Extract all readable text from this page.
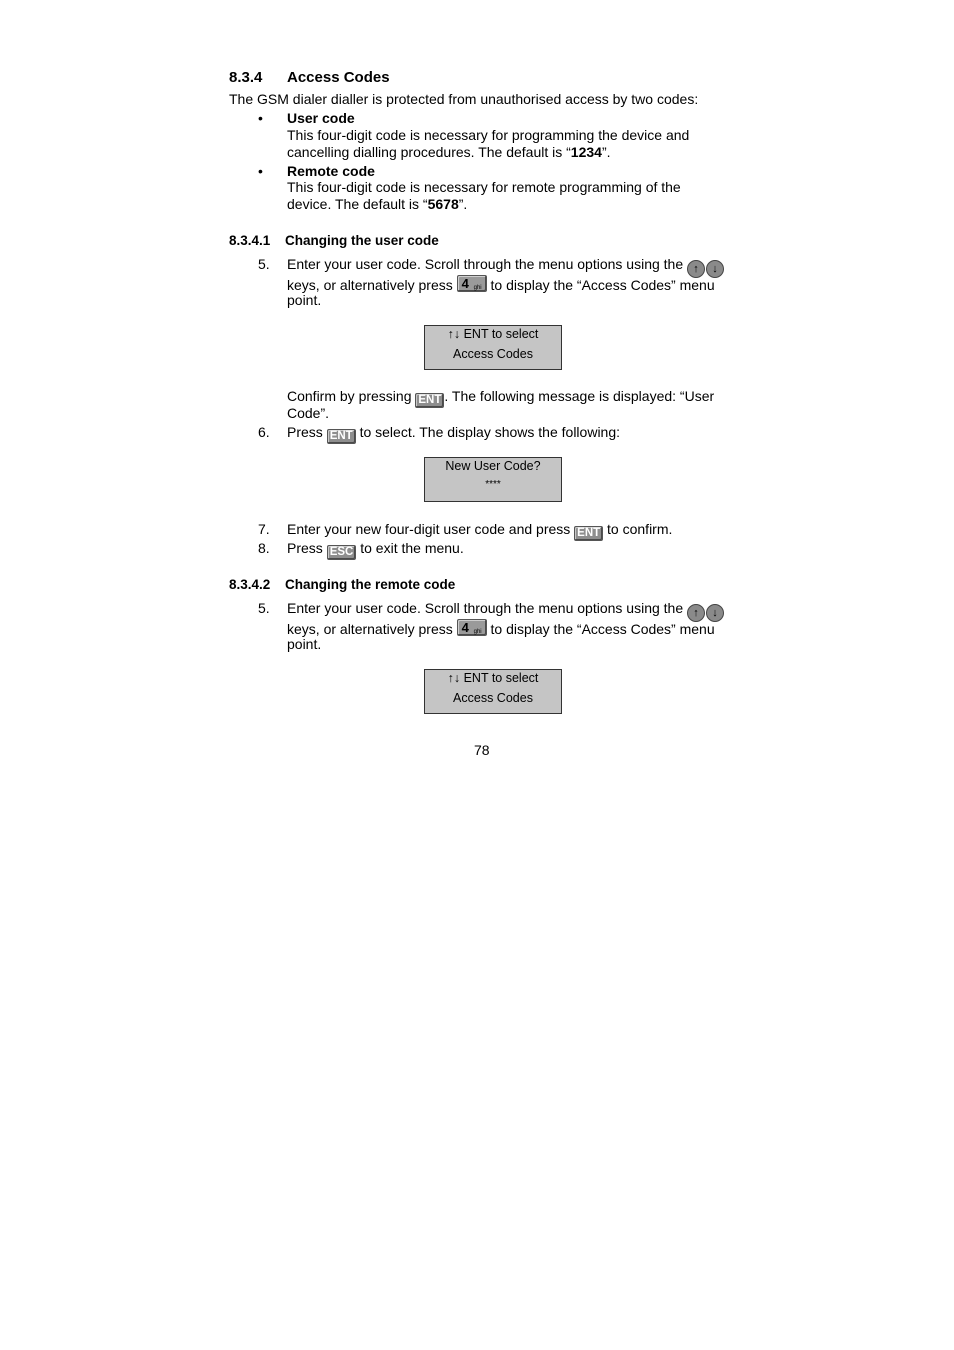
8.3.4 Access Codes
The GSM dialer dialler is protected from unauthorised access by two codes:
• User code
This four-digit code is necessary for programming the device and
cancelling dialling procedures. The default is “1234”.
• Remote code
This four-digit code is necessary for remote programming of the
device. The default is “5678”.
8.3.4.1 Changing the user code
5. Enter your user code. Scroll through the menu options using the ↑ ↓
keys, or alternatively press 4 ghi to display the “Access Codes” menu
point.
↑↓ ENT to select
Access Codes
Confirm by pressing ENT . The following message is displayed: “User
Code”.
6. Press ENT to select. The display shows the following:
New User Code?
****
7. Enter your new four-digit user code and press ENT to confirm.
8. Press ESC to exit the menu.
8.3.4.2 Changing the remote code
5. Enter your user code. Scroll through the menu options using the ↑ ↓
keys, or alternatively press 4 ghi to display the “Access Codes” menu
point.
↑↓ ENT to select
Access Codes
78
